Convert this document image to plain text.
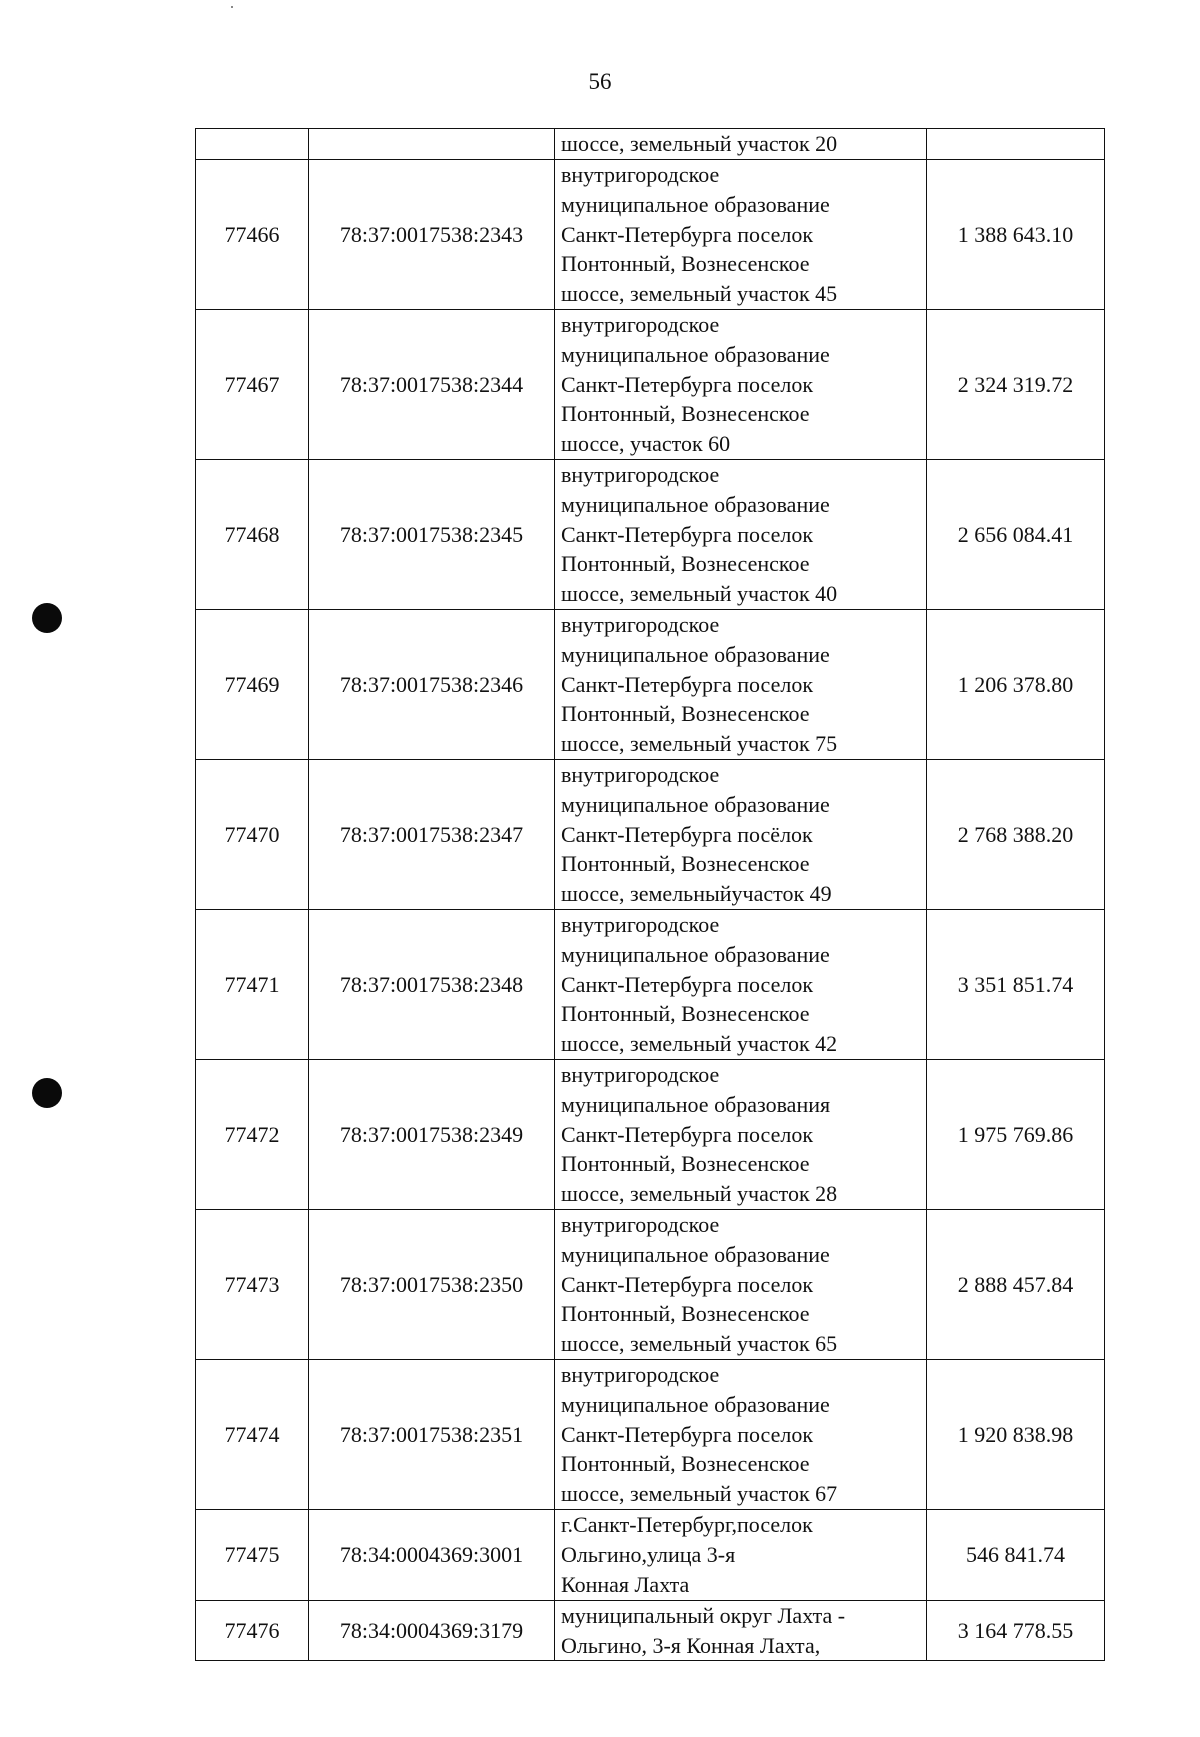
56

		шоссе, земельный участок 20	

77466	78:37:0017538:2343	внутригородское
муниципальное образование
Санкт-Петербурга поселок
Понтонный, Вознесенское
шоссе, земельный участок 45	1 388 643.10
77467	78:37:0017538:2344	внутригородское
муниципальное образование
Санкт-Петербурга поселок
Понтонный, Вознесенское
шоссе, участок 60	2 324 319.72
77468	78:37:0017538:2345	внутригородское
муниципальное образование
Санкт-Петербурга поселок
Понтонный, Вознесенское
шоссе, земельный участок 40	2 656 084.41
77469	78:37:0017538:2346	внутригородское
муниципальное образование
Санкт-Петербурга поселок
Понтонный, Вознесенское
шоссе, земельный участок 75	1 206 378.80
77470	78:37:0017538:2347	внутригородское
муниципальное образование
Санкт-Петербурга посёлок
Понтонный, Вознесенское
шоссе, земельныйучасток 49	2 768 388.20
77471	78:37:0017538:2348	внутригородское
муниципальное образование
Санкт-Петербурга поселок
Понтонный, Вознесенское
шоссе, земельный участок 42	3 351 851.74
77472	78:37:0017538:2349	внутригородское
муниципальное образования
Санкт-Петербурга поселок
Понтонный, Вознесенское
шоссе, земельный участок 28	1 975 769.86
77473	78:37:0017538:2350	внутригородское
муниципальное образование
Санкт-Петербурга поселок
Понтонный, Вознесенское
шоссе, земельный участок 65	2 888 457.84
77474	78:37:0017538:2351	внутригородское
муниципальное образование
Санкт-Петербурга поселок
Понтонный, Вознесенское
шоссе, земельный участок 67	1 920 838.98
77475	78:34:0004369:3001	г.Санкт-Петербург,поселок
Ольгино,улица 3-я
Конная Лахта	546 841.74
77476	78:34:0004369:3179	муниципальный округ Лахта -
Ольгино, 3-я Конная Лахта,	3 164 778.55
